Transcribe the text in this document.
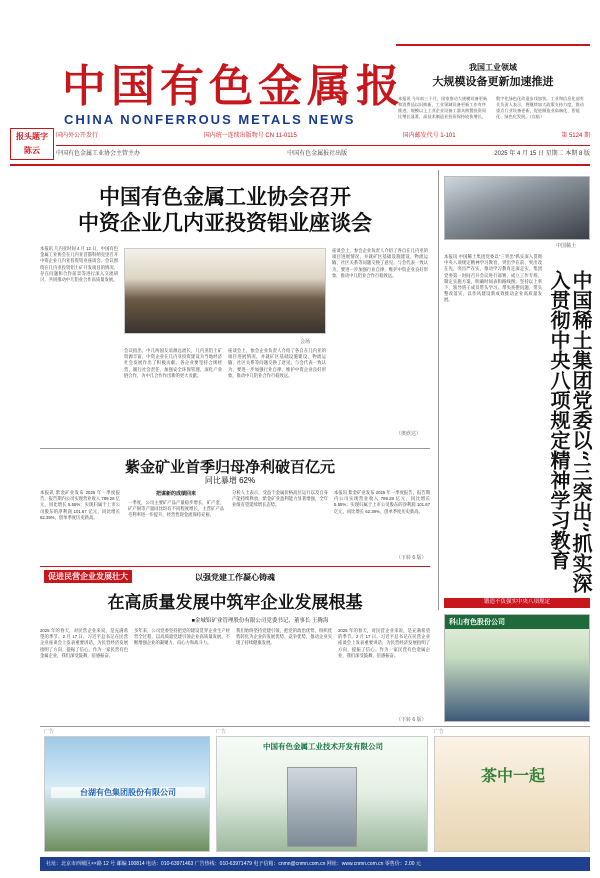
中国有色金属报
CHINA NONFERROUS METALS NEWS
报头题字
陈云
国内外公开发行	国内统一连续出版物号 CN 11-0115	国内邮发代号 1-101	第 5124 期
中国有色金属工业协会主管主办	中国有色金属报社出版	2025 年 4 月 15 日 星期二 本期 8 版
我国工业领域
大规模设备更新加速推进
本报讯 今年前三个月，国家推动大规模设备更新和消费品以旧换新，工业领域设备更新工作有序推进，规模以上工业企业设备工器具购置投资同比增长显著，高技术制造业投资保持较快增长，数字化绿色化改造步伐加快。工业和信息化部有关负责人表示，将继续加大政策支持力度，推动重点行业设备更新，促进制造业高端化、智能化、绿色化发展。（宾临）
中国有色金属工业协会召开
中资企业几内亚投资铝业座谈会
本报讯 几内亚时间 4 月 12 日，中国有色金属工业协会在几内亚首都科纳克里召开中资企业几内亚投资铝业座谈会。会议围绕在几内亚投资铝土矿开发项目的情况、存在问题和合作前景等进行深入交流研讨，共同推动中几铝业合作高质量发展。
会场
会议指出，中几两国友谊源远流长，几内亚铝土矿资源丰富，中资企业在几内亚投资建设为当地经济社会发展作出了积极贡献。各企业要坚持合规经营，履行社会责任，加强安全环保管理，深化产业链合作，为中几合作作出新的更大贡献。
座谈会上，参会企业负责人介绍了各自在几内亚的项目进展情况，并就矿区基础设施建设、物流运输、社区关系等问题交换了意见。与会代表一致认为，要进一步加强行业自律，维护中资企业良好形象，推动中几铝业合作行稳致远。
座谈会上，参会企业负责人介绍了各自在几内亚的项目进展情况，并就矿区基础设施建设、物流运输、社区关系等问题交换了意见。与会代表一致认为，要进一步加强行业自律，维护中资企业良好形象，推动中几铝业合作行稳致远。
（奥欣达）
紫金矿业首季归母净利破百亿元
同比暴增 62%
本报讯 紫金矿业发布 2025 年一季度报告，报告期内公司实现营业收入 789.28 亿元，同比增长 5.55%；实现归属于上市公司股东的净利润 101.67 亿元，同比增长 62.39%，创单季度历史新高。
把谋新的成绩回来
一季度，公司主要矿产品产量稳步增长，矿产金、矿产铜等产量同比均有不同程度增长，主营矿产品毛利率进一步提升，经营性现金流保持充裕。
分析人士表示，受益于金属价格高位运行以及自身产能持续释放，紫金矿业盈利能力显著增强，全年业绩有望延续增长态势。
本报讯 紫金矿业发布 2025 年一季度报告，报告期内公司实现营业收入 789.28 亿元，同比增长 5.55%；实现归属于上市公司股东的净利润 101.67 亿元，同比增长 62.39%，创单季度历史新高。
（下转 6 版）
中国稀土
本报讯 中国稀土集团党委以“三突出”抓实深入贯彻中央八项规定精神学习教育，突出学在前、突出改在先、突出严在实，推动学习教育走深走实。集团党委第一时间召开会议进行部署，成立工作专班，制定实施方案，明确时间表和路线图；坚持以上率下，领导班子成员带头学习、带头查摆问题、带头整改落实，以作风建设新成效推动企业高质量发展。	中国稀土集团党委以“三突出”抓实深入贯彻中央八项规定精神学习教育
锻造不负强实中央八项规定
促进民营企业发展壮大	以强党建工作凝心铸魂
在高质量发展中筑牢企业发展根基
■金城铝矿业管理股份有限公司党委书记、董事长 王腾海
2025 年的春天，对民营企业来说，是充满希望的季节。2 月 17 日，习近平总书记在民营企业座谈会上发表重要讲话，为民营经济发展指明了方向、提振了信心。作为一家民营有色金属企业，我们深受鼓舞，倍感振奋。
多年来，公司党委坚持把党的建设贯穿企业生产经营全过程，以高质量党建引领企业高质量发展，不断增强企业的凝聚力、向心力和战斗力。
我们始终坚持党建引领，把党的政治优势、组织优势转化为企业的发展优势、竞争优势，推动企业实现了持续健康发展。
2025 年的春天，对民营企业来说，是充满希望的季节。2 月 17 日，习近平总书记在民营企业座谈会上发表重要讲话，为民营经济发展指明了方向、提振了信心。作为一家民营有色金属企业，我们深受鼓舞，倍感振奋。
（下转 6 版）
科山有色股份公司
广告
台湖有色集团股份有限公司
广告
中国有色金属工业技术开发有限公司
广告
茶中一起
社址：北京市西城区××路 12 号 邮编 100814 电话：010-63971463 广告热线：010-63971479 电子信箱：cnmn@cnmn.com.cn 网址：www.cnmn.com.cn 零售价：2.00 元
